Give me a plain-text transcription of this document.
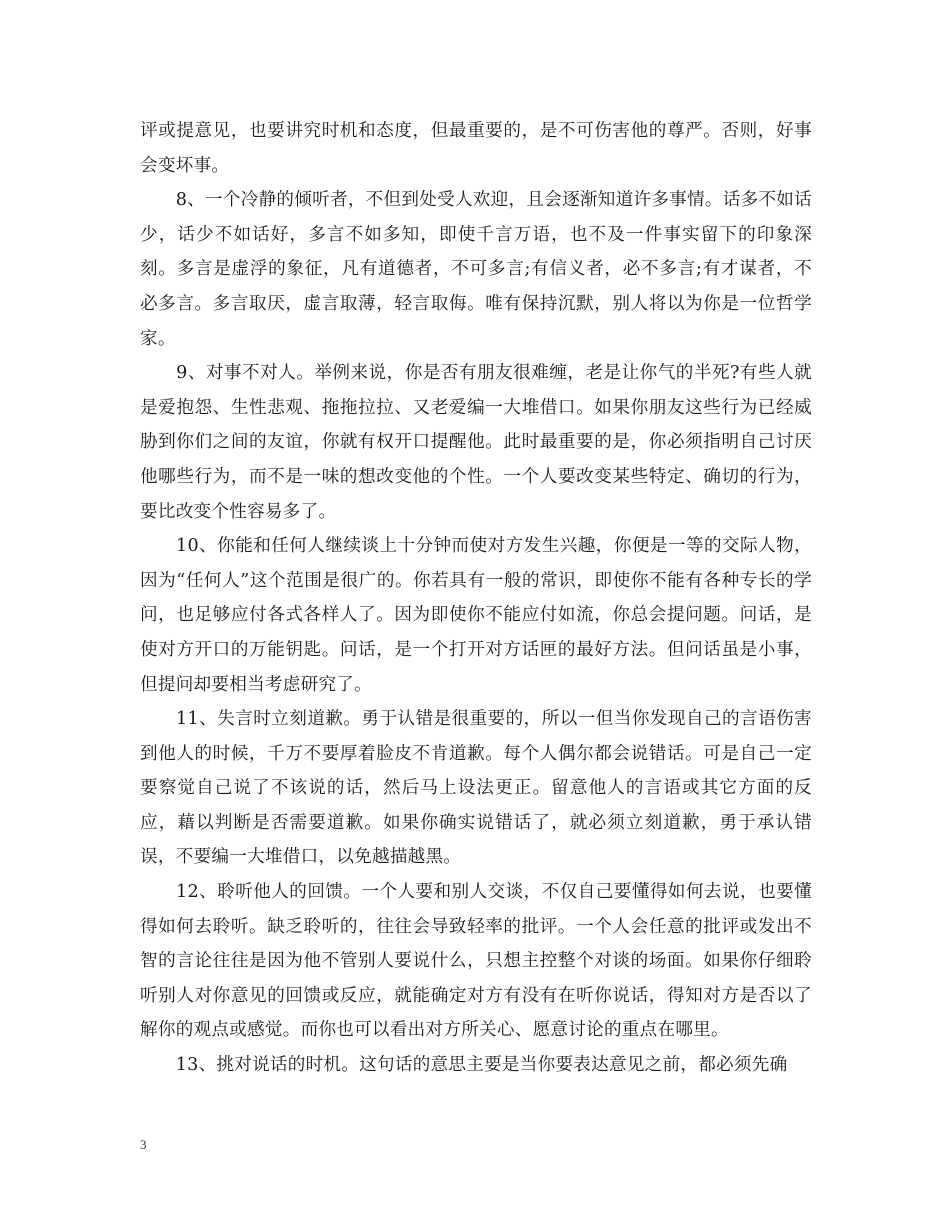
评或提意见，也要讲究时机和态度，但最重要的，是不可伤害他的尊严。否则，好事会变坏事。

　　8、一个冷静的倾听者，不但到处受人欢迎，且会逐渐知道许多事情。话多不如话少，话少不如话好，多言不如多知，即使千言万语，也不及一件事实留下的印象深刻。多言是虚浮的象征，凡有道德者，不可多言;有信义者，必不多言;有才谋者，不必多言。多言取厌，虚言取薄，轻言取侮。唯有保持沉默，别人将以为你是一位哲学家。

　　9、对事不对人。举例来说，你是否有朋友很难缠，老是让你气的半死?有些人就是爱抱怨、生性悲观、拖拖拉拉、又老爱编一大堆借口。如果你朋友这些行为已经威胁到你们之间的友谊，你就有权开口提醒他。此时最重要的是，你必须指明自己讨厌他哪些行为，而不是一味的想改变他的个性。一个人要改变某些特定、确切的行为，要比改变个性容易多了。

　　10、你能和任何人继续谈上十分钟而使对方发生兴趣，你便是一等的交际人物，因为“任何人”这个范围是很广的。你若具有一般的常识，即使你不能有各种专长的学问，也足够应付各式各样人了。因为即使你不能应付如流，你总会提问题。问话，是使对方开口的万能钥匙。问话，是一个打开对方话匣的最好方法。但问话虽是小事，但提问却要相当考虑研究了。

　　11、失言时立刻道歉。勇于认错是很重要的，所以一但当你发现自己的言语伤害到他人的时候，千万不要厚着脸皮不肯道歉。每个人偶尔都会说错话。可是自己一定要察觉自己说了不该说的话，然后马上设法更正。留意他人的言语或其它方面的反应，藉以判断是否需要道歉。如果你确实说错话了，就必须立刻道歉，勇于承认错误，不要编一大堆借口，以免越描越黑。

　　12、聆听他人的回馈。一个人要和别人交谈，不仅自己要懂得如何去说，也要懂得如何去聆听。缺乏聆听的，往往会导致轻率的批评。一个人会任意的批评或发出不智的言论往往是因为他不管别人要说什么，只想主控整个对谈的场面。如果你仔细聆听别人对你意见的回馈或反应，就能确定对方有没有在听你说话，得知对方是否以了解你的观点或感觉。而你也可以看出对方所关心、愿意讨论的重点在哪里。

　　13、挑对说话的时机。这句话的意思主要是当你要表达意见之前，都必须先确

3
